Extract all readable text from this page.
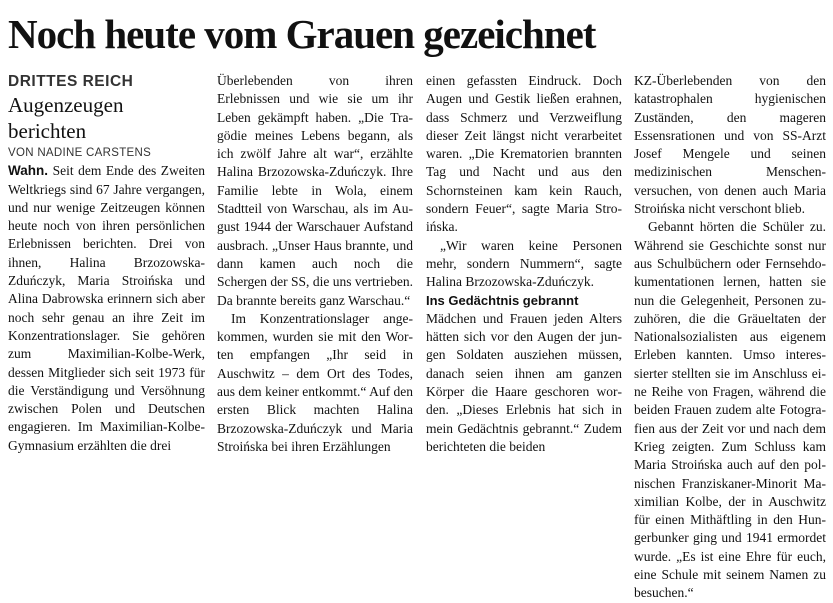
Noch heute vom Grauen gezeichnet

DRITTES REICH

Augenzeugen berichten

VON NADINE CARSTENS

Wahn. Seit dem Ende des Zweiten Weltkriegs sind 67 Jahre vergangen, und nur wenige Zeitzeugen können heute noch von ihren persönlichen Erlebnissen berichten. Drei von ihnen, Halina Brzozowska-Zduńczyk, Maria Stroińska und Alina Dabrowska erinnern sich aber noch sehr genau an ihre Zeit im Konzentrationslager. Sie gehören zum Maximilian-Kolbe-Werk, dessen Mitglieder sich seit 1973 für die Verständigung und Versöhnung zwischen Polen und Deutschen engagieren. Im Maximilian-Kolbe-Gymnasium erzählten die drei

Überlebenden von ihren Erlebnissen und wie sie um ihr Leben gekämpft haben. „Die Tragödie meines Lebens begann, als ich zwölf Jahre alt war“, erzählte Halina Brzozowska-Zduńczyk. Ihre Familie lebte in Wola, einem Stadtteil von Warschau, als im August 1944 der Warschauer Aufstand ausbrach. „Unser Haus brannte, und dann kamen auch noch die Schergen der SS, die uns vertrieben. Da brannte bereits ganz Warschau.“

Im Konzentrationslager angekommen, wurden sie mit den Worten empfangen „Ihr seid in Auschwitz – dem Ort des Todes, aus dem keiner entkommt.“ Auf den ersten Blick machten Halina Brzozowska-Zduńczyk und Maria Stroińska bei ihren Erzählungen

einen gefassten Eindruck. Doch Augen und Gestik ließen erahnen, dass Schmerz und Verzweiflung dieser Zeit längst nicht verarbeitet waren. „Die Krematorien brannten Tag und Nacht und aus den Schornsteinen kam kein Rauch, sondern Feuer“, sagte Maria Stroińska.

„Wir waren keine Personen mehr, sondern Nummern“, sagte Halina Brzozowska-Zduńczyk.

Ins Gedächtnis gebrannt

Mädchen und Frauen jeden Alters hätten sich vor den Augen der jungen Soldaten ausziehen müssen, danach seien ihnen am ganzen Körper die Haare geschoren worden. „Dieses Erlebnis hat sich in mein Gedächtnis gebrannt.“ Zudem berichteten die beiden

KZ-Überlebenden von den katastrophalen hygienischen Zuständen, den mageren Essensrationen und von SS-Arzt Josef Mengele und seinen medizinischen Menschenversuchen, von denen auch Maria Stroińska nicht verschont blieb.

Gebannt hörten die Schüler zu. Während sie Geschichte sonst nur aus Schulbüchern oder Fernsehdokumentationen lernen, hatten sie nun die Gelegenheit, Personen zuzuhören, die die Gräueltaten der Nationalsozialisten aus eigenem Erleben kannten. Umso interessierter stellten sie im Anschluss eine Reihe von Fragen, während die beiden Frauen zudem alte Fotografien aus der Zeit vor und nach dem Krieg zeigten. Zum Schluss kam Maria Stroińska auch auf den polnischen Franziskaner-Minorit Maximilian Kolbe, der in Auschwitz für einen Mithäftling in den Hungerbunker ging und 1941 ermordet wurde. „Es ist eine Ehre für euch, eine Schule mit seinem Namen zu besuchen.“
